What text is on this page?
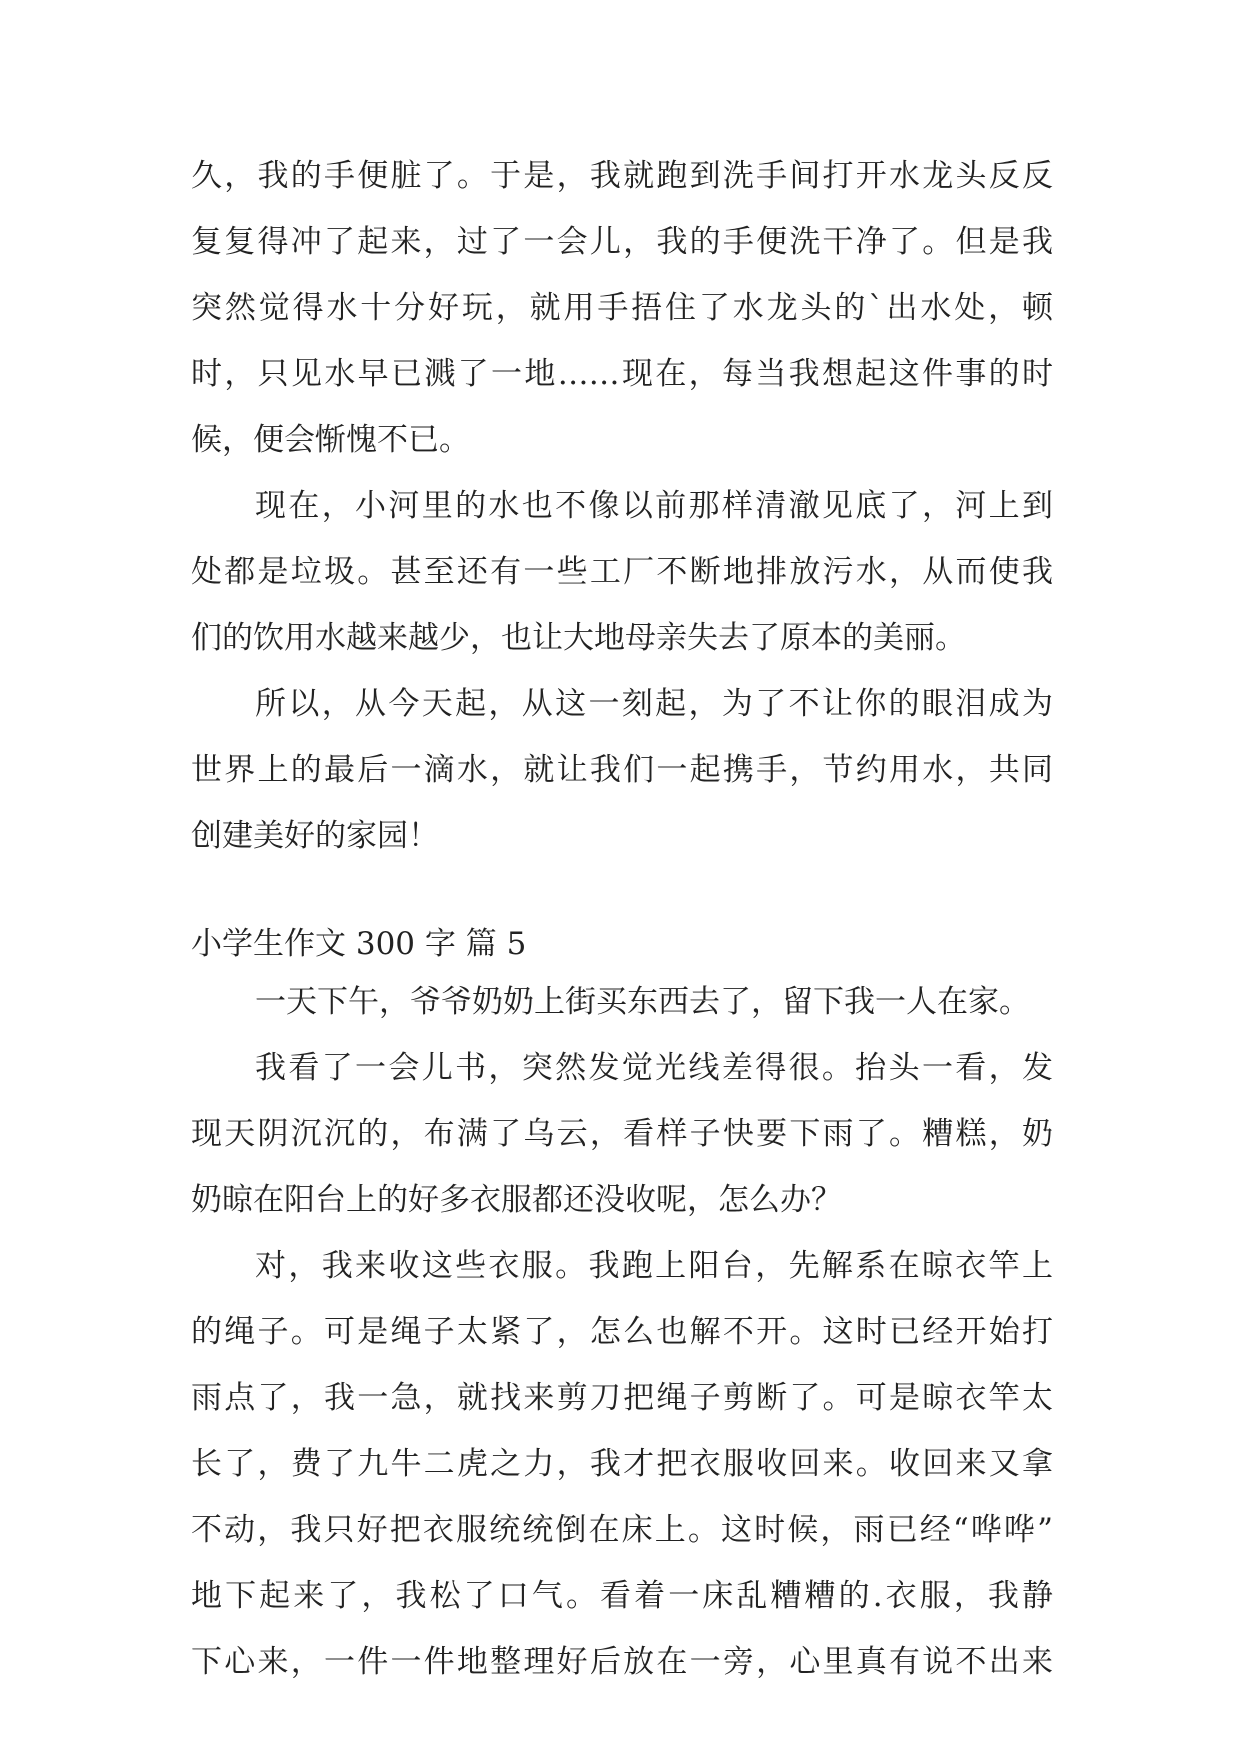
久，我的手便脏了。于是，我就跑到洗手间打开水龙头反反
复复得冲了起来，过了一会儿，我的手便洗干净了。但是我
突然觉得水十分好玩，就用手捂住了水龙头的`出水处，顿
时，只见水早已溅了一地……现在，每当我想起这件事的时
候，便会惭愧不已。
现在，小河里的水也不像以前那样清澈见底了，河上到
处都是垃圾。甚至还有一些工厂不断地排放污水，从而使我
们的饮用水越来越少，也让大地母亲失去了原本的美丽。
所以，从今天起，从这一刻起，为了不让你的眼泪成为
世界上的最后一滴水，就让我们一起携手，节约用水，共同
创建美好的家园！
小学生作文 300 字 篇 5
一天下午，爷爷奶奶上街买东西去了，留下我一人在家。
我看了一会儿书，突然发觉光线差得很。抬头一看，发
现天阴沉沉的，布满了乌云，看样子快要下雨了。糟糕，奶
奶晾在阳台上的好多衣服都还没收呢，怎么办？
对，我来收这些衣服。我跑上阳台，先解系在晾衣竿上
的绳子。可是绳子太紧了，怎么也解不开。这时已经开始打
雨点了，我一急，就找来剪刀把绳子剪断了。可是晾衣竿太
长了，费了九牛二虎之力，我才把衣服收回来。收回来又拿
不动，我只好把衣服统统倒在床上。这时候，雨已经“哗哗”
地下起来了，我松了口气。看着一床乱糟糟的.衣服，我静
下心来，一件一件地整理好后放在一旁，心里真有说不出来
